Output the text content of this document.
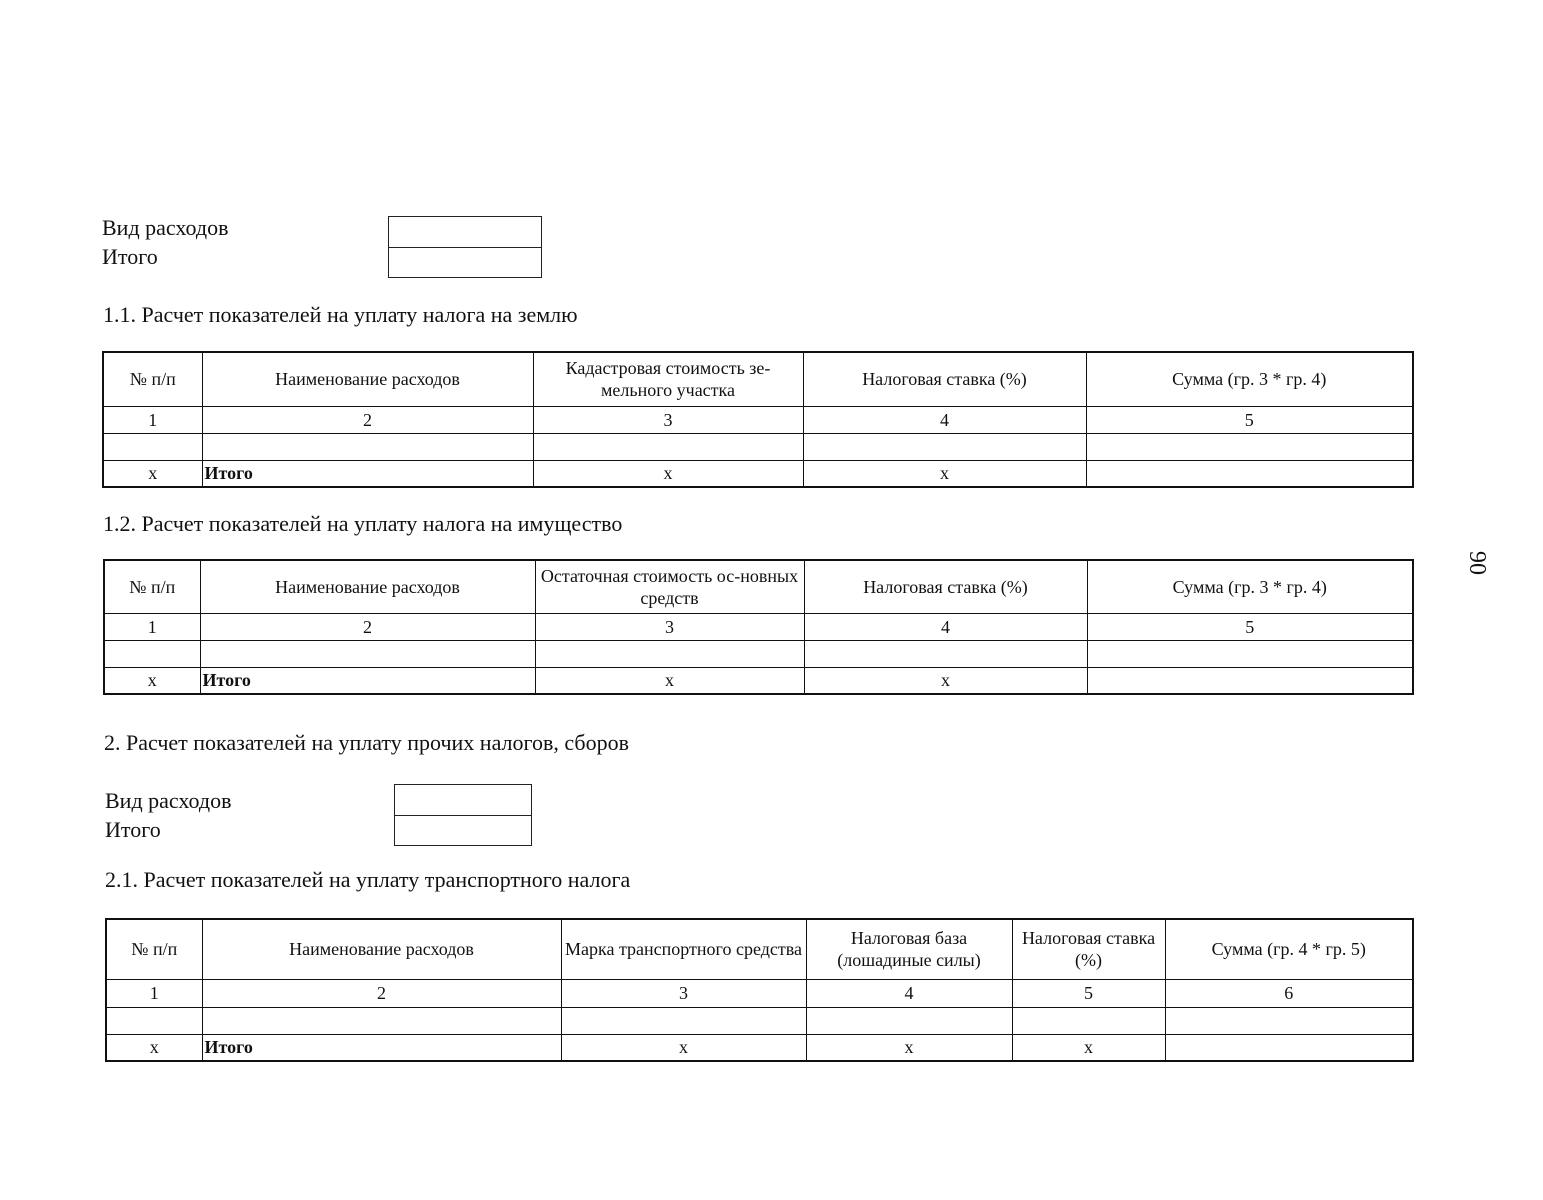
90
Вид расходов
Итого
1.1. Расчет показателей на уплату налога на землю
№ п/п	Наименование расходов	Кадастровая стоимость зе-мельного участка	Налоговая ставка (%)	Сумма (гр. 3 * гр. 4)
1	2	3	4	5

x	Итого	x	x	
1.2. Расчет показателей на уплату налога на имущество
№ п/п	Наименование расходов	Остаточная стоимость ос-новных средств	Налоговая ставка (%)	Сумма (гр. 3 * гр. 4)
1	2	3	4	5

x	Итого	x	x	
2. Расчет показателей на уплату прочих налогов, сборов
Вид расходов
Итого
2.1. Расчет показателей на уплату транспортного налога
№ п/п	Наименование расходов	Марка транспортного средства	Налоговая база (лошадиные силы)	Налоговая ставка (%)	Сумма (гр. 4 * гр. 5)
1	2	3	4	5	6

x	Итого	x	x	x	
